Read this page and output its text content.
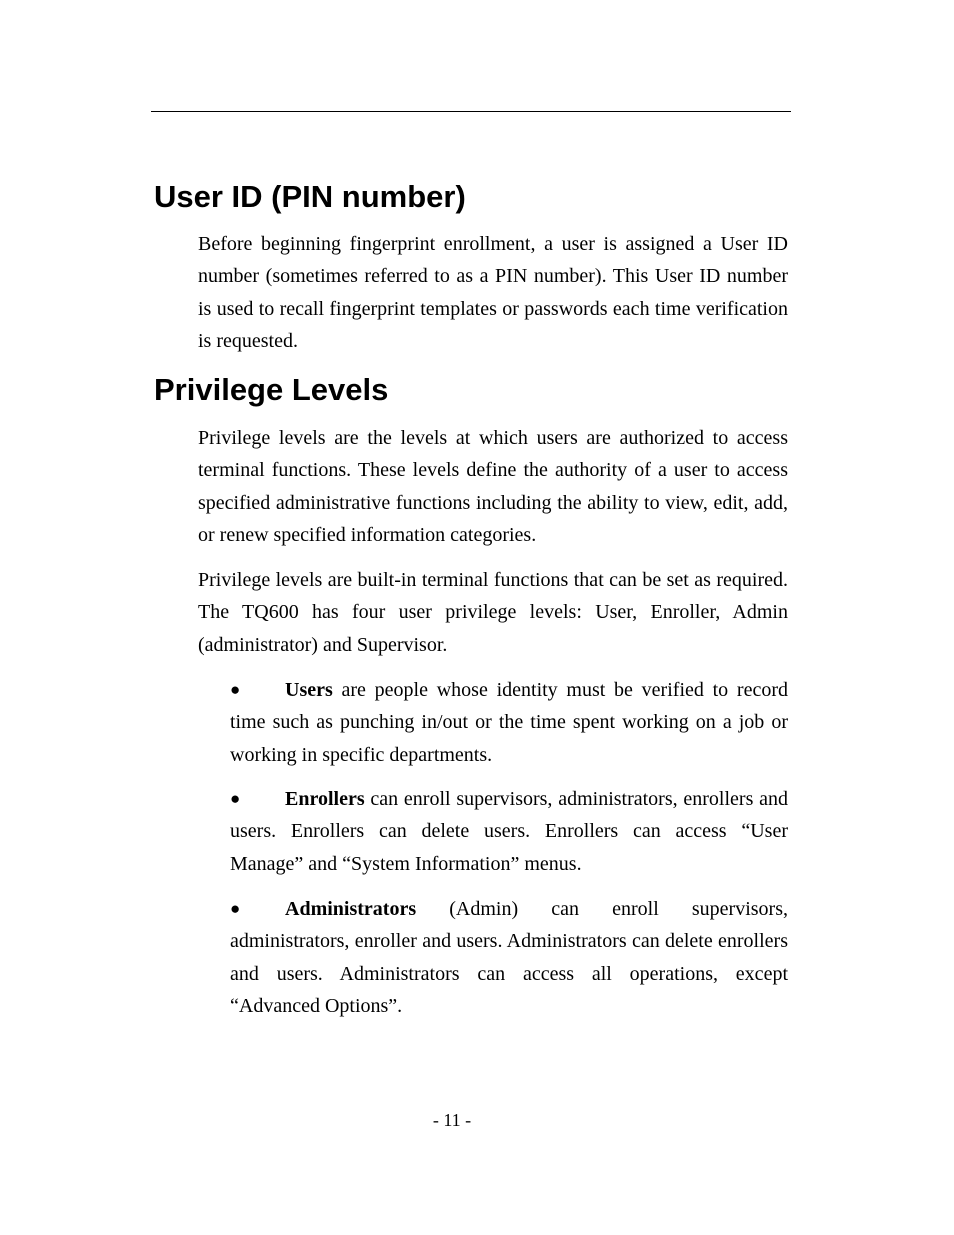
User ID (PIN number)

Before beginning fingerprint enrollment, a user is assigned a User ID number (sometimes referred to as a PIN number). This User ID number is used to recall fingerprint templates or passwords each time verification is requested.

Privilege Levels

Privilege levels are the levels at which users are authorized to access terminal functions. These levels define the authority of a user to access specified administrative functions including the ability to view, edit, add, or renew specified information categories.

Privilege levels are built-in terminal functions that can be set as required. The TQ600 has four user privilege levels: User, Enroller, Admin (administrator) and Supervisor.

● Users are people whose identity must be verified to record time such as punching in/out or the time spent working on a job or working in specific departments.

● Enrollers can enroll supervisors, administrators, enrollers and users. Enrollers can delete users. Enrollers can access “User Manage” and “System Information” menus.

● Administrators (Admin) can enroll supervisors, administrators, enroller and users. Administrators can delete enrollers and users. Administrators can access all operations, except “Advanced Options”.

- 11 -
